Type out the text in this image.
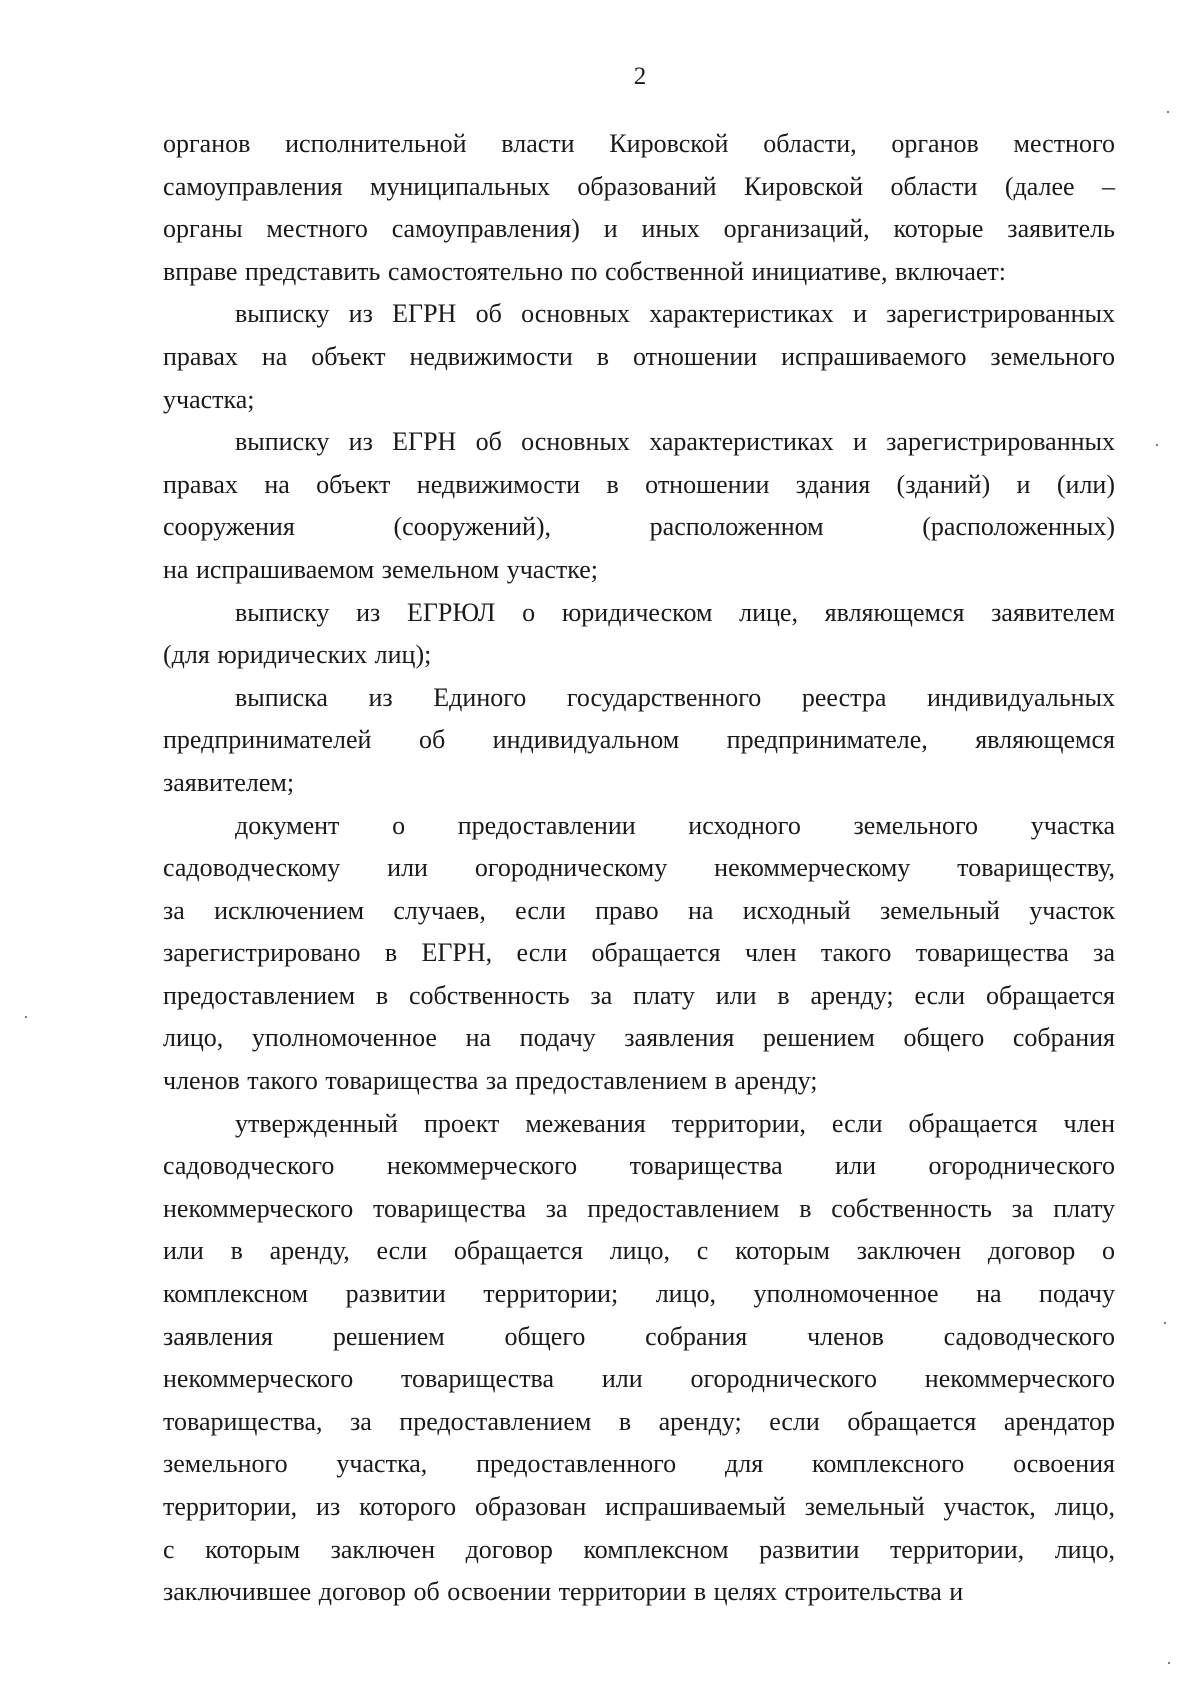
2
органов исполнительной власти Кировской области, органов местного
самоуправления муниципальных образований Кировской области (далее –
органы местного самоуправления) и иных организаций, которые заявитель
вправе представить самостоятельно по собственной инициативе, включает:
выписку из ЕГРН об основных характеристиках и зарегистрированных
правах на объект недвижимости в отношении испрашиваемого земельного
участка;
выписку из ЕГРН об основных характеристиках и зарегистрированных
правах на объект недвижимости в отношении здания (зданий) и (или)
сооружения (сооружений), расположенном (расположенных)
на испрашиваемом земельном участке;
выписку из ЕГРЮЛ о юридическом лице, являющемся заявителем
(для юридических лиц);
выписка из Единого государственного реестра индивидуальных
предпринимателей об индивидуальном предпринимателе, являющемся
заявителем;
документ о предоставлении исходного земельного участка
садоводческому или огородническому некоммерческому товариществу,
за исключением случаев, если право на исходный земельный участок
зарегистрировано в ЕГРН, если обращается член такого товарищества за
предоставлением в собственность за плату или в аренду; если обращается
лицо, уполномоченное на подачу заявления решением общего собрания
членов такого товарищества за предоставлением в аренду;
утвержденный проект межевания территории, если обращается член
садоводческого некоммерческого товарищества или огороднического
некоммерческого товарищества за предоставлением в собственность за плату
или в аренду, если обращается лицо, с которым заключен договор о
комплексном развитии территории; лицо, уполномоченное на подачу
заявления решением общего собрания членов садоводческого
некоммерческого товарищества или огороднического некоммерческого
товарищества, за предоставлением в аренду; если обращается арендатор
земельного участка, предоставленного для комплексного освоения
территории, из которого образован испрашиваемый земельный участок, лицо,
с которым заключен договор комплексном развитии территории, лицо,
заключившее договор об освоении территории в целях строительства и
